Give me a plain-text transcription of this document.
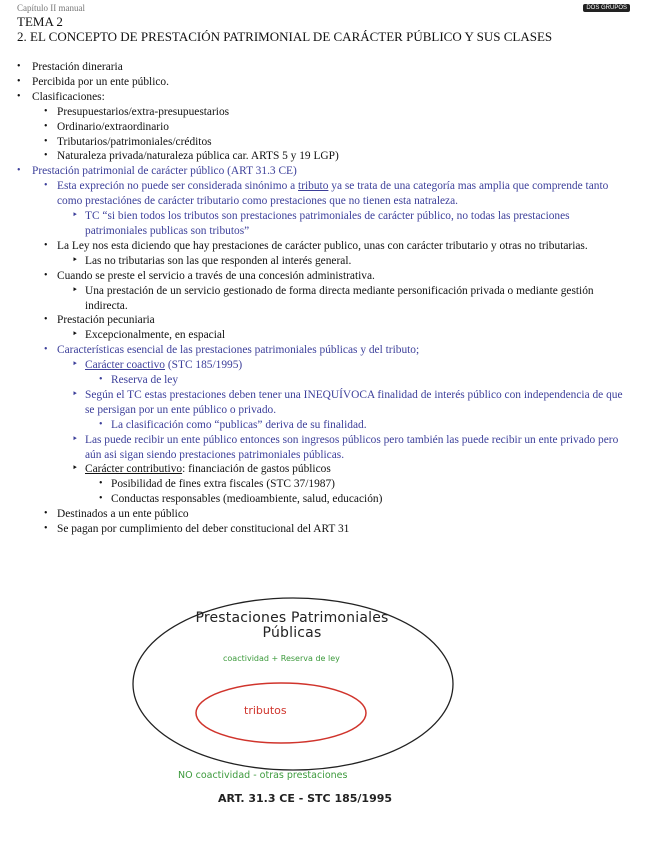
Capítulo II manual	DOS GRUPOS
TEMA 2
2. EL CONCEPTO DE PRESTACIÓN PATRIMONIAL DE CARÁCTER PÚBLICO Y SUS CLASES
• Prestación dineraria
• Percibida por un ente público.
• Clasificaciones:
• Presupuestarios/extra-presupuestarios
• Ordinario/extraordinario
• Tributarios/patrimoniales/créditos
• Naturaleza privada/naturaleza pública car. ARTS 5 y 19 LGP)
• Prestación patrimonial de carácter público (ART 31.3 CE)
• Esta expreción no puede ser considerada sinónimo a tributo ya se trata de una categoría mas amplia que comprende tanto como prestaciónes de carácter tributario como prestaciones que no tienen esta natraleza.
‣ TC “si bien todos los tributos son prestaciones patrimoniales de carácter público, no todas las prestaciones patrimoniales publicas son tributos”
• La Ley nos esta diciendo que hay prestaciones de carácter publico, unas con carácter tributario y otras no tributarias.
‣ Las no tributarias son las que responden al interés general.
• Cuando se preste el servicio a través de una concesión administrativa.
‣ Una prestación de un servicio gestionado de forma directa mediante personificación privada o mediante gestión indirecta.
• Prestación pecuniaria
‣ Excepcionalmente, en espacial
• Características esencial de las prestaciones patrimoniales públicas y del tributo;
‣ Carácter coactivo (STC 185/1995)
• Reserva de ley
‣ Según el TC estas prestaciones deben tener una INEQUÍVOCA finalidad de interés público con independencia de que se persigan por un ente público o privado.
• La clasificación como “publicas” deriva de su finalidad.
‣ Las puede recibir un ente público entonces son ingresos públicos pero también las puede recibir un ente privado pero aún asi sigan siendo prestaciones patrimoniales públicas.
‣ Carácter contributivo: financiación de gastos públicos
• Posibilidad de fines extra fiscales (STC 37/1987)
• Conductas responsables (medioambiente, salud, educación)
• Destinados a un ente público
• Se pagan por cumplimiento del deber constitucional del ART 31
Prestaciones Patrimoniales
Públicas
coactividad + Reserva de ley
tributos
NO coactividad - otras prestaciones
ART. 31.3 CE - STC 185/1995
